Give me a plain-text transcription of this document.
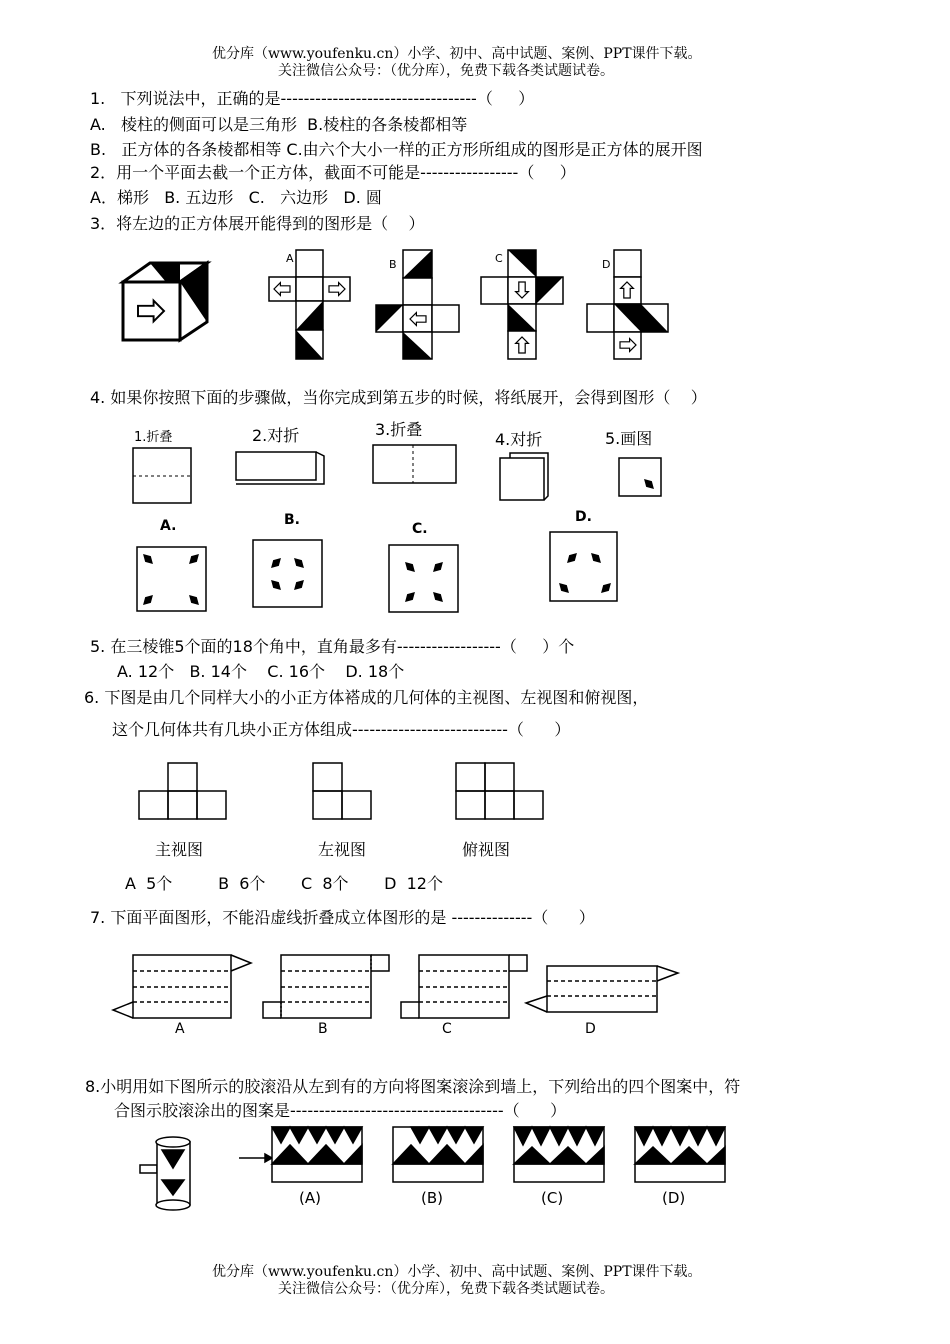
优分库（www.youfenku.cn）小学、初中、高中试题、案例、PPT课件下载。
关注微信公众号：（优分库），免费下载各类试题试卷。
1.   下列说法中，正确的是----------------------------------（     ）
A.   棱柱的侧面可以是三角形  B.棱柱的各条棱都相等
B.   正方体的各条棱都相等 C.由六个大小一样的正方形所组成的图形是正方体的展开图
2．用一个平面去截一个正方体，截面不可能是-----------------（     ）
A．梯形   B. 五边形   C.   六边形   D. 圆
3．将左边的正方体展开能得到的图形是（    ）
4. 如果你按照下面的步骤做，当你完成到第五步的时候，将纸展开，会得到图形（    ）
5. 在三棱锥5个面的18个角中，直角最多有------------------（     ）个
A. 12个   B. 14个    C. 16个    D. 18个
6. 下图是由几个同样大小的小正方体褡成的几何体的主视图、左视图和俯视图，
这个几何体共有几块小正方体组成---------------------------（      ）
主视图	左视图	俯视图
A  5个         B  6个       C  8个       D  12个
7. 下面平面图形，不能沿虚线折叠成立体图形的是 --------------（      ）
8.小明用如下图所示的胶滚沿从左到有的方向将图案滚涂到墙上，下列给出的四个图案中，符
合图示胶滚涂出的图案是-------------------------------------（      ）
优分库（www.youfenku.cn）小学、初中、高中试题、案例、PPT课件下载。
关注微信公众号：（优分库），免费下载各类试题试卷。
A	B	C	D
1.折叠	2.对折	3.折叠
4.对折	5.画图
A.	B.
C.
D.
A	B	C	D
(A)	(B)	(C)	(D)
